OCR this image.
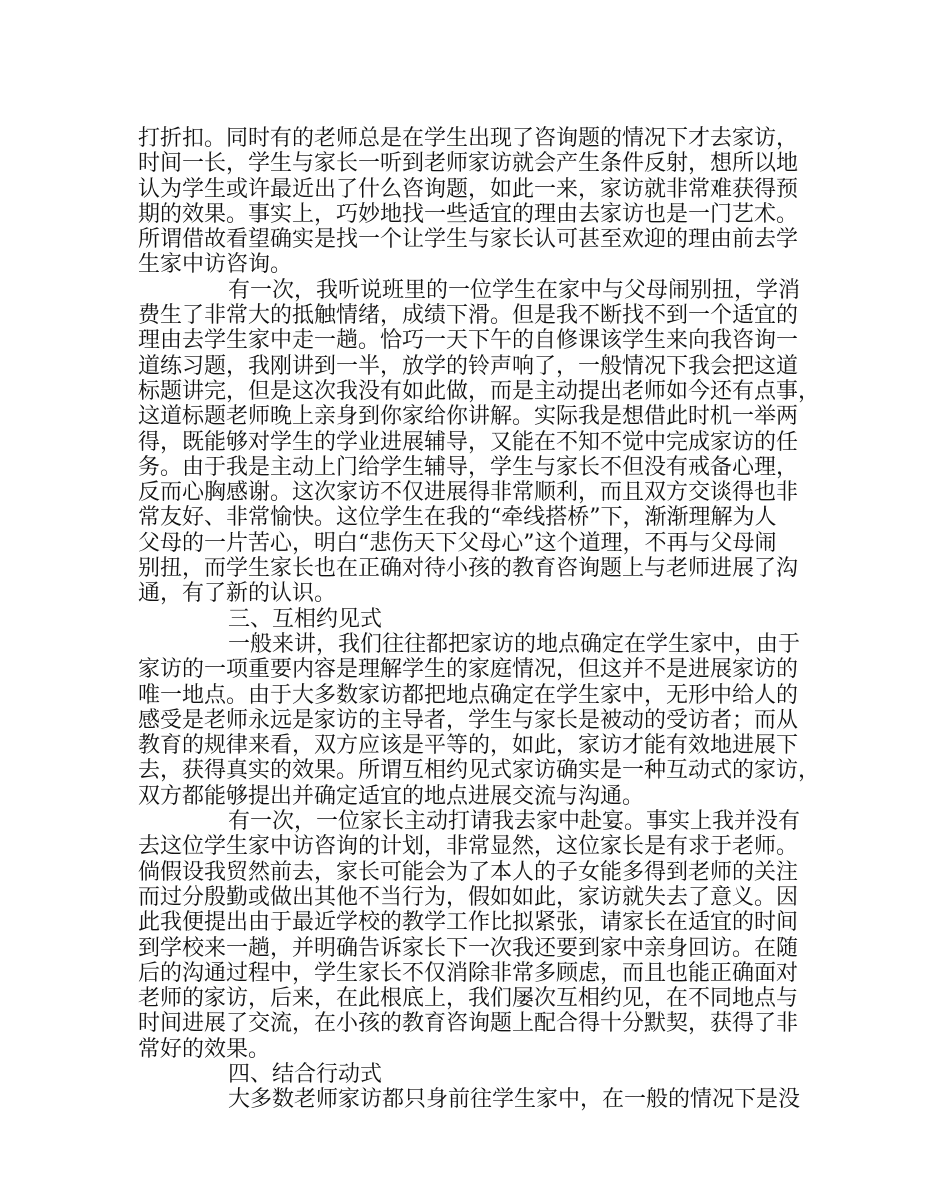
打折扣。同时有的老师总是在学生出现了咨询题的情况下才去家访，
时间一长，学生与家长一听到老师家访就会产生条件反射，想所以地
认为学生或许最近出了什么咨询题，如此一来，家访就非常难获得预
期的效果。事实上，巧妙地找一些适宜的理由去家访也是一门艺术。
所谓借故看望确实是找一个让学生与家长认可甚至欢迎的理由前去学
生家中访咨询。
有一次，我听说班里的一位学生在家中与父母闹别扭，学消
费生了非常大的抵触情绪，成绩下滑。但是我不断找不到一个适宜的
理由去学生家中走一趟。恰巧一天下午的自修课该学生来向我咨询一
道练习题，我刚讲到一半，放学的铃声响了，一般情况下我会把这道
标题讲完，但是这次我没有如此做，而是主动提出老师如今还有点事，
这道标题老师晚上亲身到你家给你讲解。实际我是想借此时机一举两
得，既能够对学生的学业进展辅导，又能在不知不觉中完成家访的任
务。由于我是主动上门给学生辅导，学生与家长不但没有戒备心理，
反而心胸感谢。这次家访不仅进展得非常顺利，而且双方交谈得也非
常友好、非常愉快。这位学生在我的“牵线搭桥”下，渐渐理解为人
父母的一片苦心，明白“悲伤天下父母心”这个道理，不再与父母闹
别扭，而学生家长也在正确对待小孩的教育咨询题上与老师进展了沟
通，有了新的认识。
三、互相约见式
一般来讲，我们往往都把家访的地点确定在学生家中，由于
家访的一项重要内容是理解学生的家庭情况，但这并不是进展家访的
唯一地点。由于大多数家访都把地点确定在学生家中，无形中给人的
感受是老师永远是家访的主导者，学生与家长是被动的受访者；而从
教育的规律来看，双方应该是平等的，如此，家访才能有效地进展下
去，获得真实的效果。所谓互相约见式家访确实是一种互动式的家访，
双方都能够提出并确定适宜的地点进展交流与沟通。
有一次，一位家长主动打请我去家中赴宴。事实上我并没有
去这位学生家中访咨询的计划，非常显然，这位家长是有求于老师。
倘假设我贸然前去，家长可能会为了本人的子女能多得到老师的关注
而过分殷勤或做出其他不当行为，假如如此，家访就失去了意义。因
此我便提出由于最近学校的教学工作比拟紧张，请家长在适宜的时间
到学校来一趟，并明确告诉家长下一次我还要到家中亲身回访。在随
后的沟通过程中，学生家长不仅消除非常多顾虑，而且也能正确面对
老师的家访，后来，在此根底上，我们屡次互相约见，在不同地点与
时间进展了交流，在小孩的教育咨询题上配合得十分默契，获得了非
常好的效果。
四、结合行动式
大多数老师家访都只身前往学生家中，在一般的情况下是没
